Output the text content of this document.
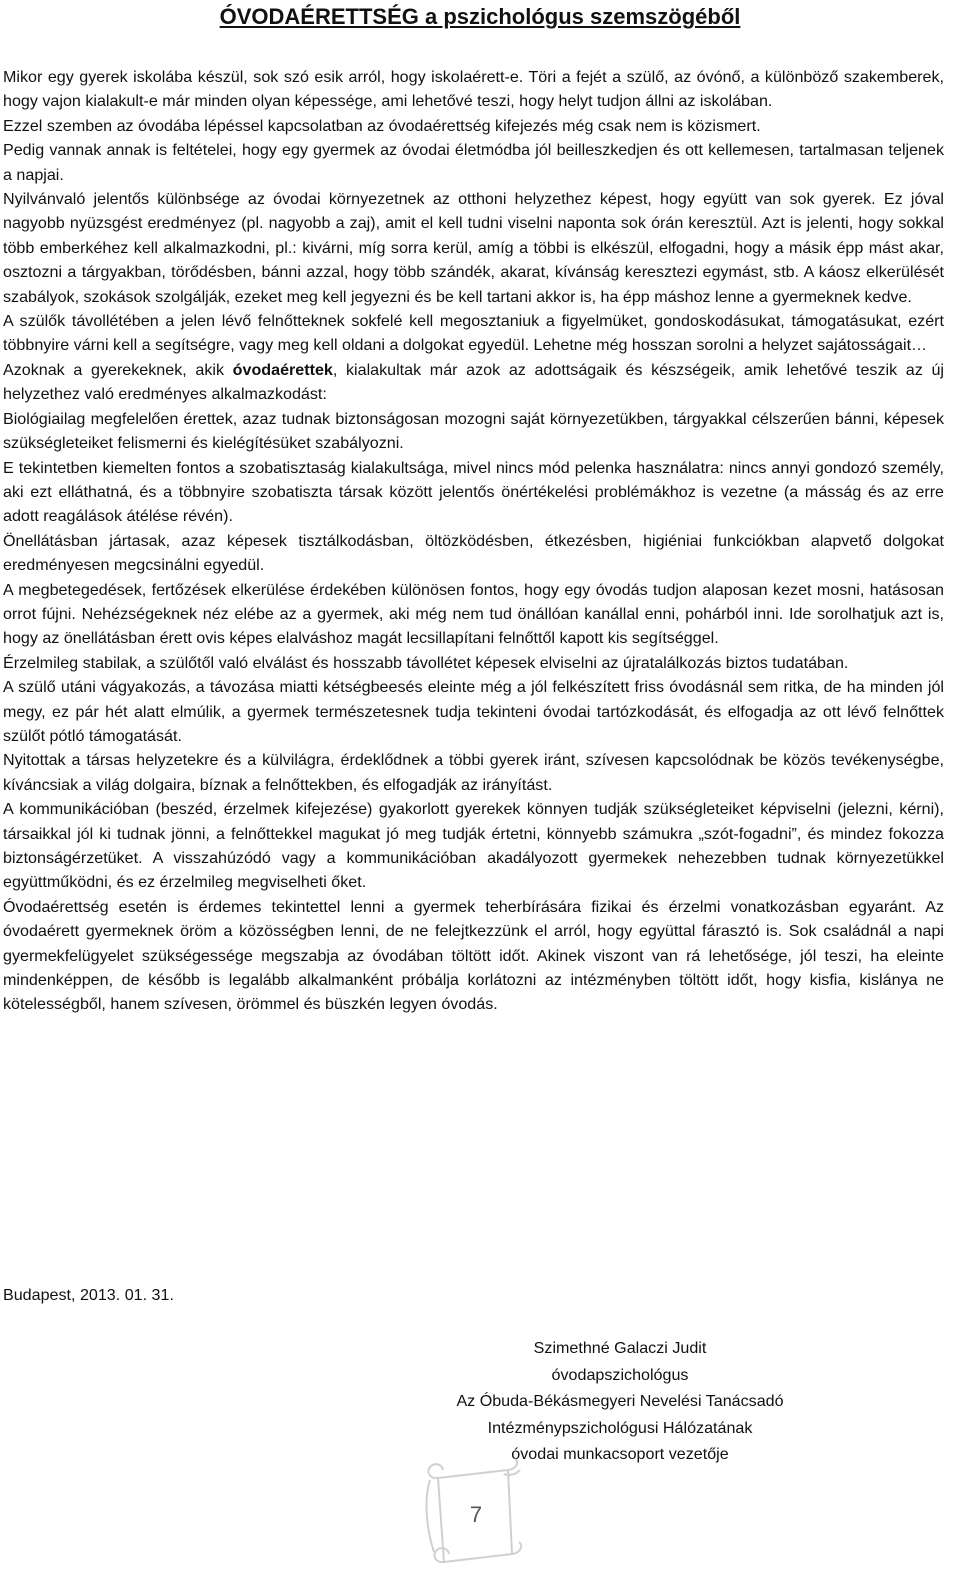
ÓVODAÉRETTSÉG a pszichológus szemszögéből

Mikor egy gyerek iskolába készül, sok szó esik arról, hogy iskolaérett-e. Töri a fejét a szülő, az óvónő, a különböző szakemberek, hogy vajon kialakult-e már minden olyan képessége, ami lehetővé teszi, hogy helyt tudjon állni az iskolában.

Ezzel szemben az óvodába lépéssel kapcsolatban az óvodaérettség kifejezés még csak nem is közismert.

Pedig vannak annak is feltételei, hogy egy gyermek az óvodai életmódba jól beilleszkedjen és ott kellemesen, tartalmasan teljenek a napjai.

Nyilvánvaló jelentős különbsége az óvodai környezetnek az otthoni helyzethez képest, hogy együtt van sok gyerek. Ez jóval nagyobb nyüzsgést eredményez (pl. nagyobb a zaj), amit el kell tudni viselni naponta sok órán keresztül. Azt is jelenti, hogy sokkal több emberkéhez kell alkalmazkodni, pl.: kivárni, míg sorra kerül, amíg a többi is elkészül, elfogadni, hogy a másik épp mást akar, osztozni a tárgyakban, törődésben, bánni azzal, hogy több szándék, akarat, kívánság keresztezi egymást, stb. A káosz elkerülését szabályok, szokások szolgálják, ezeket meg kell jegyezni és be kell tartani akkor is, ha épp máshoz lenne a gyermeknek kedve.

A szülők távollétében a jelen lévő felnőtteknek sokfelé kell megosztaniuk a figyelmüket, gondoskodásukat, támogatásukat, ezért többnyire várni kell a segítségre, vagy meg kell oldani a dolgokat egyedül. Lehetne még hosszan sorolni a helyzet sajátosságait…

Azoknak a gyerekeknek, akik óvodaérettek, kialakultak már azok az adottságaik és készségeik, amik lehetővé teszik az új helyzethez való eredményes alkalmazkodást:

Biológiailag megfelelően érettek, azaz tudnak biztonságosan mozogni saját környezetükben, tárgyakkal célszerűen bánni, képesek szükségleteiket felismerni és kielégítésüket szabályozni.

E tekintetben kiemelten fontos a szobatisztaság kialakultsága, mivel nincs mód pelenka használatra: nincs annyi gondozó személy, aki ezt elláthatná, és a többnyire szobatiszta társak között jelentős önértékelési problémákhoz is vezetne (a másság és az erre adott reagálások átélése révén).

Önellátásban jártasak, azaz képesek tisztálkodásban, öltözködésben, étkezésben, higiéniai funkciókban alapvető dolgokat eredményesen megcsinálni egyedül.

A megbetegedések, fertőzések elkerülése érdekében különösen fontos, hogy egy óvodás tudjon alaposan kezet mosni, hatásosan orrot fújni. Nehézségeknek néz elébe az a gyermek, aki még nem tud önállóan kanállal enni, pohárból inni. Ide sorolhatjuk azt is, hogy az önellátásban érett ovis képes elalváshoz magát lecsillapítani felnőttől kapott kis segítséggel.

Érzelmileg stabilak, a szülőtől való elválást és hosszabb távollétet képesek elviselni az újratalálkozás biztos tudatában.

A szülő utáni vágyakozás, a távozása miatti kétségbeesés eleinte még a jól felkészített friss óvodásnál sem ritka, de ha minden jól megy, ez pár hét alatt elmúlik, a gyermek természetesnek tudja tekinteni óvodai tartózkodását, és elfogadja az ott lévő felnőttek szülőt pótló támogatását.

Nyitottak a társas helyzetekre és a külvilágra, érdeklődnek a többi gyerek iránt, szívesen kapcsolódnak be közös tevékenységbe, kíváncsiak a világ dolgaira, bíznak a felnőttekben, és elfogadják az irányítást.

A kommunikációban (beszéd, érzelmek kifejezése) gyakorlott gyerekek könnyen tudják szükségleteiket képviselni (jelezni, kérni), társaikkal jól ki tudnak jönni, a felnőttekkel magukat jó meg tudják értetni, könnyebb számukra „szót-fogadni”, és mindez fokozza biztonságérzetüket. A visszahúzódó vagy a kommunikációban akadályozott gyermekek nehezebben tudnak környezetükkel együttműködni, és ez érzelmileg megviselheti őket.

Óvodaérettség esetén is érdemes tekintettel lenni a gyermek teherbírására fizikai és érzelmi vonatkozásban egyaránt. Az óvodaérett gyermeknek öröm a közösségben lenni, de ne felejtkezzünk el arról, hogy együttal fárasztó is. Sok családnál a napi gyermekfelügyelet szükségessége megszabja az óvodában töltött időt. Akinek viszont van rá lehetősége, jól teszi, ha eleinte mindenképpen, de később is legalább alkalmanként próbálja korlátozni az intézményben töltött időt, hogy kisfia, kislánya ne kötelességből, hanem szívesen, örömmel és büszkén legyen óvodás.

Budapest, 2013. 01. 31.
Szimethné Galaczi Judit
óvodapszichológus
Az Óbuda-Békásmegyeri Nevelési Tanácsadó
Intézménypszichológusi Hálózatának
óvodai munkacsoport vezetője
7
